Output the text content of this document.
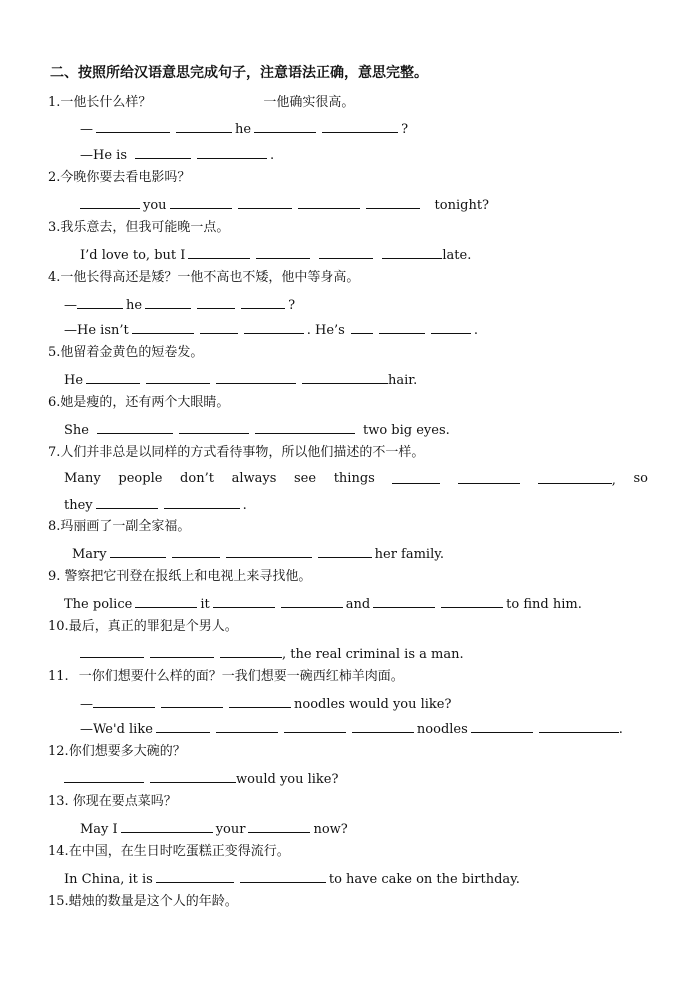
二、按照所给汉语意思完成句子，注意语法正确，意思完整。
1.一他长什么样？	一他确实很高。
—	he	?
—He is	.
2.今晚你要去看电影吗？
you	tonight?
3.我乐意去，但我可能晚一点。
I’d love to, but I	late.
4.一他长得高还是矮？一他不高也不矮，他中等身高。
—	he	?
—He isn’t	. He’s	.
5.他留着金黄色的短卷发。
He	hair.
6.她是瘦的，还有两个大眼睛。
She	two big eyes.
7.人们并非总是以同样的方式看待事物，所以他们描述的不一样。
Many people don’t always see things	, so
they	.
8.玛丽画了一副全家福。
Mary	her family.
9. 警察把它刊登在报纸上和电视上来寻找他。
The police	it	and	to find him.
10.最后，真正的罪犯是个男人。
, the real criminal is a man.
11. 一你们想要什么样的面？一我们想要一碗西红柿羊肉面。
—	noodles would you like?
—We'd like	noodles	.
12.你们想要多大碗的？
would you like?
13. 你现在要点菜吗？
May I	your	now?
14.在中国，在生日时吃蛋糕正变得流行。
In China, it is	to have cake on the birthday.
15.蜡烛的数量是这个人的年龄。
